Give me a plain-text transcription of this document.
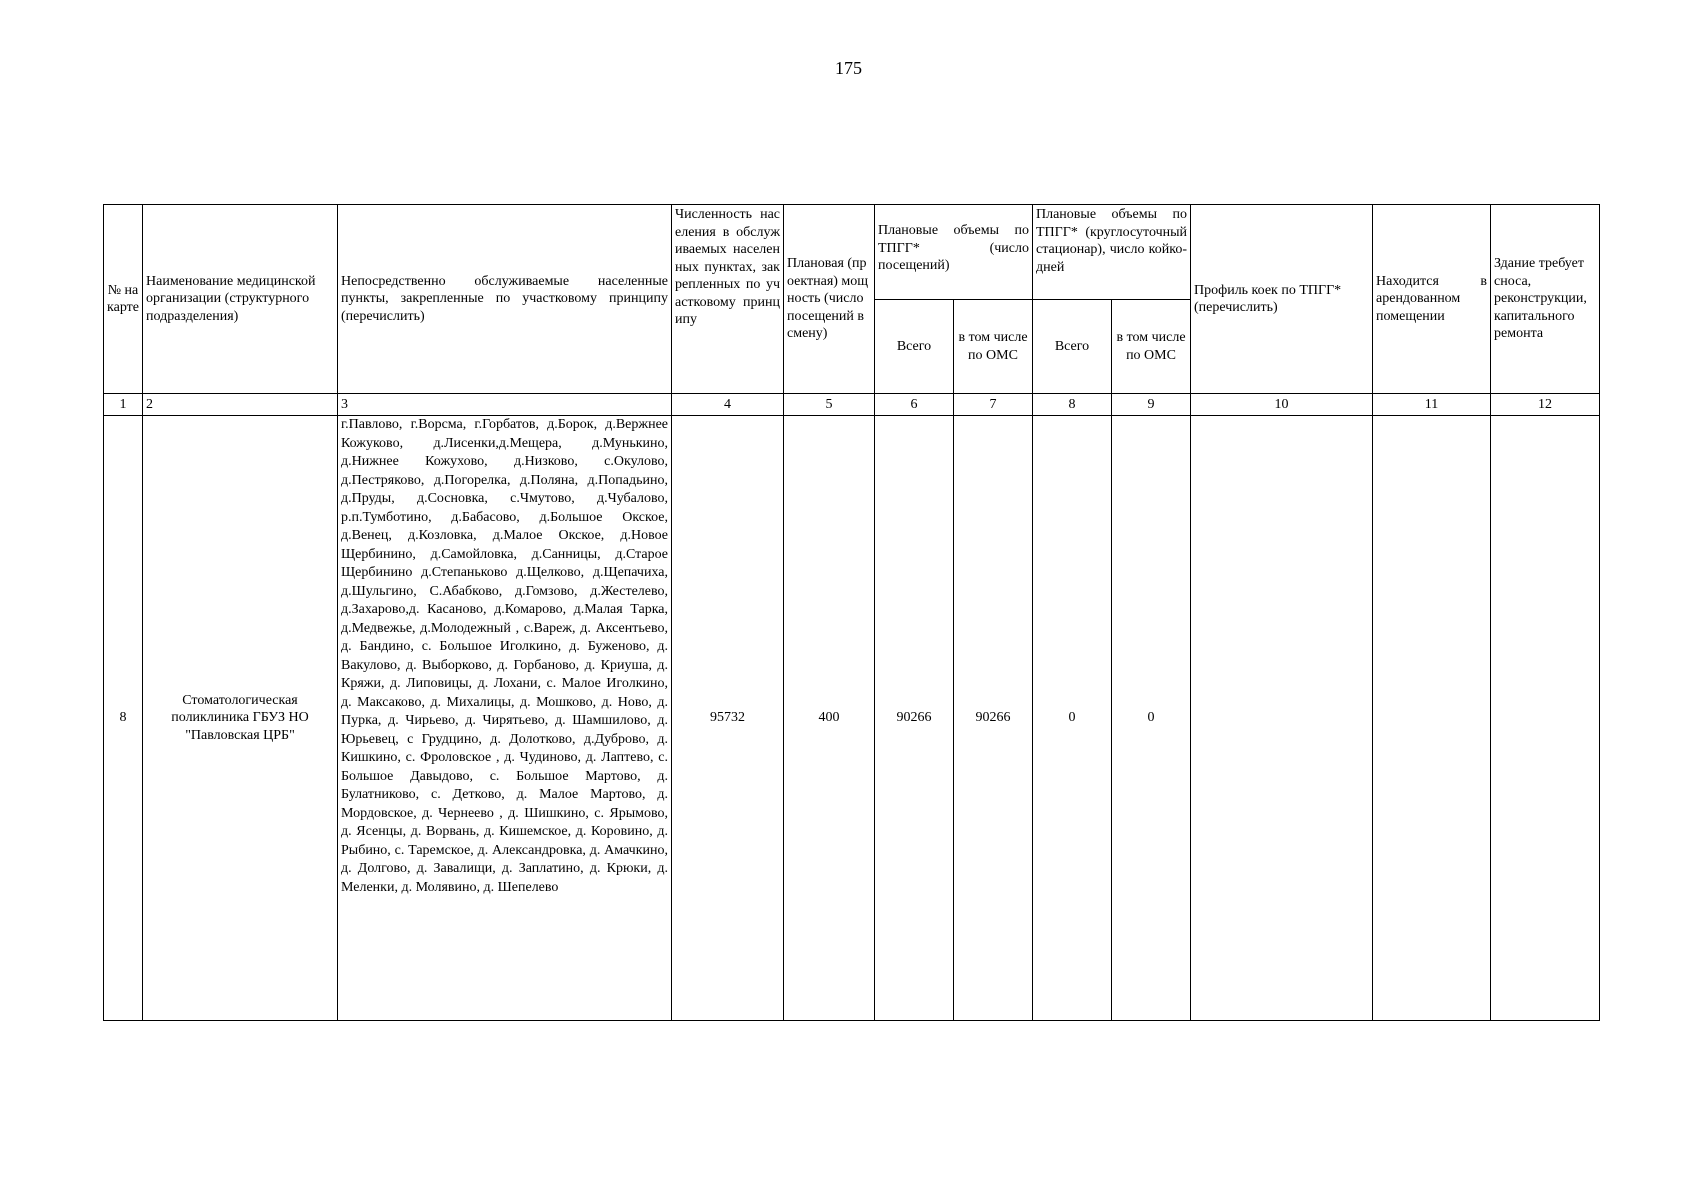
175
№ на карте	Наименование медицинской организации (структурного подразделения)	Непосредственно обслуживаемые населенные пункты, закрепленные по участковому принципу (перечислить)	Численность населения в обслуживаемых населенных пунктах, закрепленных по участковому принципу	Плановая (проектная) мощность (число посещений в смену)	Плановые объемы по ТПГГ* (число посещений)		Плановые объемы по ТПГГ* (круглосуточный стационар), число койко-дней		Профиль коек по ТПГГ* (перечислить)	Находится в арендованном помещении	Здание требует сноса, реконструкции, капитального ремонта
					Всего	в том числе по ОМС	Всего	в том числе по ОМС			
1	2	3	4	5	6	7	8	9	10	11	12
8	Стоматологическая поликлиника ГБУЗ НО "Павловская ЦРБ"	г.Павлово, г.Ворсма, г.Горбатов, д.Борок, д.Вержнее Кожуково, д.Лисенки,д.Мещера, д.Мунькино, д.Нижнее Кожухово, д.Низково, с.Окулово, д.Пестряково, д.Погорелка, д.Поляна, д.Попадьино, д.Пруды, д.Сосновка, с.Чмутово, д.Чубалово, р.п.Тумботино, д.Бабасово, д.Большое Окское, д.Венец, д.Козловка, д.Малое Окское, д.Новое Щербинино, д.Самойловка, д.Санницы, д.Старое Щербинино д.Степаньково д.Щелково, д.Щепачиха, д.Шульгино, С.Абабково, д.Гомзово, д.Жестелево, д.Захарово,д. Касаново, д.Комарово, д.Малая Тарка, д.Медвежье, д.Молодежный , с.Вареж, д. Аксентьево, д. Бандино, с. Большое Иголкино, д. Буженово, д. Вакулово, д. Выборково, д. Горбаново, д. Криуша, д. Кряжи, д. Липовицы, д. Лохани, с. Малое Иголкино, д. Максаково, д. Михалицы, д. Мошково, д. Ново, д. Пурка, д. Чирьево, д. Чирятьево, д. Шамшилово, д. Юрьевец, с Грудцино, д. Долотково, д.Дуброво, д. Кишкино, с. Фроловское , д. Чудиново, д. Лаптево, с. Большое Давыдово, с. Большое Мартово, д. Булатниково, с. Детково, д. Малое Мартово, д. Мордовское, д. Чернеево , д. Шишкино, с. Ярымово, д. Ясенцы, д. Ворвань, д. Кишемское, д. Коровино, д. Рыбино, с. Таремское, д. Александровка, д. Амачкино, д. Долгово, д. Завалищи, д. Заплатино, д. Крюки, д. Меленки, д. Молявино, д. Шепелево	95732	400	90266	90266	0	0			
